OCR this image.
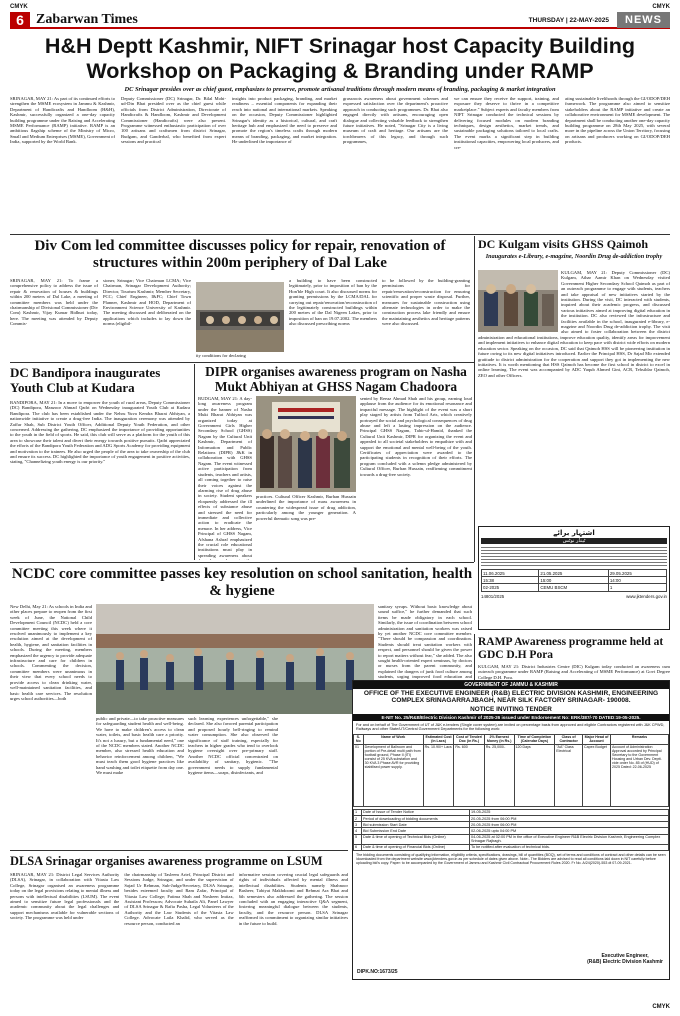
CMYK	CMYK
6 Zabarwan Times	THURSDAY | 22-MAY-2025	NEWS
H&H Deptt Kashmir, NIFT Srinagar host Capacity Building Workshop on Packaging & Branding under RAMP
DC Srinagar presides over as chief guest, emphasizes to preserve, promote artisanal traditions through modern means of branding, packaging & market integration
SRINAGAR, MAY 21: As part of its continued efforts to strengthen the MSME ecosystem in Jammu & Kashmir, Department of Handicrafts and Handloom (H&H), Kashmir, successfully organized a one-day capacity building programme under the Raising and Accelerating MSME Performance (RAMP) initiative. RAMP is an ambitious flagship scheme of the Ministry of Micro, Small and Medium Enterprises (MSME), Government of India, supported by the World Bank.
Deputy Commissioner (DC) Srinagar, Dr. Bilal Mohi-ud-Din Bhat presided over as the chief guest while officials from District Administration, Directorate of Handicrafts & Handloom, Kashmir and Development Commissioner (Handicrafts) were also present. Programme witnessed enthusiastic participation of over 100 artisans and craftsmen from district Srinagar, Budgam, and Ganderbal, who benefited from expert sessions and practical
insights into product packaging, branding, and market readiness – essential components for expanding their reach into national and international markets. Speaking on the occasion, Deputy Commissioner highlighted Srinagar's identity as a historical, cultural, and craft heritage hub and emphasized the need to preserve and promote the region's timeless crafts through modern means of branding, packaging, and market integration. He underlined the importance of
grassroots awareness about government schemes and expressed satisfaction over the department's proactive approach in conducting such programmes. Dr. Bhat also engaged directly with artisans, encouraging open dialogue and collecting valuable feedback to strengthen future initiatives. He noted, "Srinagar City is a living museum of craft and heritage. Our artisans are the torchbearers of this legacy, and through such programmes,
we can ensure they receive the support, training, and exposure they deserve to thrive in a competitive marketplace." Subject experts and faculty members from NIFT Srinagar conducted the technical sessions by delivering focused modules on modern branding techniques, design aesthetics, market trends, and sustainable packaging solutions tailored to local crafts. The event marks a significant step in building institutional capacities, empowering local producers, and cre-
ating sustainable livelihoods through the GI/ODOP/DEH framework. The programme also aimed to sensitize stakeholders about the RAMP initiative and create an collaborative environment for MSME development. The department shall be conducting another one-day capacity building programme on 28th May 2025, with several more in the pipeline across the Union Territory, focusing on artisans and producers working on GI/ODOP/DEH products.
Div Com led committee discusses policy for repair, renovation of structures within 200m periphery of Dal Lake
SRINAGAR, MAY 21: To frame a comprehensive policy to address the issue of repair & renovation of houses & buildings within 200 meters of Dal Lake, a meeting of committee members was held under the chairmanship of Divisional Commissioner (Div Com) Kashmir, Vijay Kumar Bidhuri today, here. The meeting was attended by Deputy Commis-
sioner, Srinagar; Vice Chairman LCMA; Vice Chairman, Srinagar Development Authority; Director, Tourism Kashmir; Member Secretary, PCC; Chief Engineer, I&FC; Chief Town Planner, Kashmir and HOD, Department of Environment Science University of Kashmir. The meeting discussed and deliberated on the applications which includes to lay down the norms (eligibil-
ity conditions for declaring
a building to have been constructed legitimately, prior to imposition of ban by the Hon'ble High court. It also discussed norms for granting permissions by the LCMA/DAL for carrying out repair/renovation/reconstruction of the legitimately constructed buildings within 200 metres of the Dal Nigeen Lakes, prior to imposition of ban on 19.07.2002. The members also discussed prescribing norms
to be followed by the building-granting permissions for repair/renovation/reconstruction for ensuring scientific and proper waste disposal. Further, measures for sustainable construction using alternate technologies in order to make the construction process lake friendly and ensure the maintaining aesthetics and heritage patterns were also discussed.
DC Kulgam visits GHSS Qaimoh
Inaugurates e-Library, e-magzine, Noordin Drug de-addiction trophy
KULGAM, MAY 21: Deputy Commissioner (DC) Kulgam, Athar Aamir Khan on Wednesday visited Government Higher Secondary School Qaimoh as part of an outreach programme to engage with students, teachers and take appraisal of new initiatives started by the institution. During the visit, DC interacted with students, inquired about their academic progress, and discussed various initiatives aimed at improving digital education in the institution. DC also reviewed the infrastructure and facilities available in the school, inaugurated e-library, e-magzine and Noordin Drug de-addiction trophy. The visit also aimed to foster collaboration between the district administration and educational institutions, improve education quality, identify areas for improvement and implement initiatives to enhance digital education to keep pace with district wide efforts on modern education sector. Speaking on the occasion, DC said that Qaimoh HSS will be pioneering institution in future owing to its new digital initiatives introduced. Earlier the Principal HSS, Dr Sajad Mir extended gratitude to district administration for the cooperation and support they got in implementing the new initiatives. It is worth mentioning that HSS Qaimoh has become the first school in district to excel in online learning. The event was accompanied by ADC Yaqub Ahmed Gini, ACR, Tehsildar Qaimoh, ZEO and other Officers.
اشتہار برائے
ٹینڈر نوٹس
11.06.2025	21.05.2025	29.05.2025
15:38	15:00	14:00
02-2025	CEMU BSCM	1
14801/2025	www.jktenders.gov.in
DC Bandipora inaugurates Youth Club at Kudara
BANDIPORA, MAY 21: In a move to empower the youth of rural areas, Deputy Commissioner (DC) Bandipora, Manzoor Ahmad Qadri on Wednesday inaugurated Youth Club at Kudara Bandipora. The club has been established under the Nehru Yuva Kendra Bharat Abhiyan, a nationwide initiative to create a drug-free India. The inauguration ceremony was attended by Zaffar Shah, Sub District Youth Officer, Additional Deputy Youth Federation, and other concerned. Addressing the gathering, DC emphasized the importance of providing opportunities to the youth in the field of sports. He said, this club will serve as a platform for the youth of this area to showcase their talent and divert their energy towards positive pursuits. Qadri appreciated the efforts of the Bandipora Youth Federation and ADG Sports Academy for providing equipment and motivation to the trainees. He also urged the people of the area to take ownership of the club and ensure its success. DC highlighted the importance of youth engagement in positive activities, stating, "Channelizing youth energy is our priority."
DIPR organises awareness program on Nasha Mukt Abhiyan at GHSS Nagam Chadoora
BUDGAM, MAY 21: A day-long awareness program under the banner of Nasha Mukt Bharat Abhiyan was organized today at Government Girls Higher Secondary School (GHSS) Nagam by the Cultural Unit Kashmir, Department of Information and Public Relations (DIPR) J&K in collaboration with GHSS Nagam. The event witnessed active participation from students, teachers and artists, all coming together to raise their voices against the alarming rise of drug abuse in society. Student speakers eloquently addressed the ill effects of substance abuse and stressed the need for immediate and collective action to eradicate the menace. In her address, Vice Principal of GHSS Nagam, Afshana Ashraf emphasized the crucial role educational institutions must play in spreading awareness about
practices. Cultural Officer Kashmir, Burhan Hussain underlined the importance of mass awareness in countering the widespread issue of drug addiction, particularly among the younger generation. A powerful thematic song was pre-
sented by Reeaz Ahmad Shah and his group, earning loud applause from the audience for its emotional resonance and impactful message. The highlight of the event was a short play staged by artists from Tulfool Arts, which creatively portrayed the social and psychological consequences of drug abuse and left a lasting impression on the audience. Principal GHSS Nagam, Tahir-ul-Hamid, thanked the Cultural Unit Kashmir, DIPR for organizing the event and appealed to all societal stakeholders to empathize with and support the emotional and mental well-being of the youth. Certificates of appreciation were awarded to the participating students in recognition of their efforts. The program concluded with a solemn pledge administered by Cultural Officer, Burhan Hussain, reaffirming commitment towards a drug-free society.
NCDC core committee passes key resolution on school sanitation, health & hygiene
New Delhi, May 21: As schools in India and other places prepare to reopen from the first week of June, the National Child Development Council (NCDC) held a core committee meeting this week where it resolved unanimously to implement a key resolution aimed at the development of health, hygiene, and sanitation facilities in schools. During the meeting, members emphasized the urgency to provide adequate infrastructure and care for children in schools. Commenting the decision, committee members were unanimous in their view that every school needs to provide access to clean drinking water, well-maintained sanitation facilities, and basic health care services. The resolution urges school authorities—both
public and private—to take proactive measures for safeguarding student health and well-being. We have to make children's access to clean water, toilets, and basic health care a priority. It's not a luxury, but a fundamental need," one of the NCDC members stated. Another NCDC member, also stressed health education and behavior reinforcement among children, "We must teach them good hygiene practices like hand washing and toilet etiquette from day one. We must make
such learning experiences unforgettable," she declared. She also favored parental participation and proposed hourly bell-ringing to remind water consumption. She also observed the significance of staff training, especially for teachers in higher grades who tend to overlook hygiene oversight over pre-primary staff. Another NCDC official concentrated on availability of sanitary, hygienic. "The government needs to supply fundamental hygiene items—soaps, disinfectants, and
sanitary syrups. Without basic knowledge about sound suffice," he further demanded that such items be made obligatory in each school. Similarly, the issue of coordination between school administration and sanitation workers was raised by yet another NCDC core committee member. "There should be compassion and coordination. Students should treat sanitation workers with respect, and personnel should be given the power to report matters without fear," she added. The also sought health-oriented expert seminars, by doctors or nurses from the parent community, and explained the dangers of junk food culture among students, urging improved food education and
RAMP Awareness programme held at GDC D.H Pora
KULGAM, MAY 21: District Industries Centre (DIC) Kulgam today conducted an awareness cum outreach programme under RAMP (Raising and Accelerating of MSME Performance) at Govt Degree College D.H. Pora.
GOVERNMENT OF JAMMU & KASHMIR
OFFICE OF THE EXECUTIVE ENGINEER (R&B) ELECTRIC DIVISION KASHMIR, ENGINEERING COMPLEX SRINAGARRAJBAGH, NEAR SILK FACTORY SRINAGAR- 190008.
NOTICE INVITING TENDER
E-NIT No. 25/R&B/Electric Division Kashmir of 2025-26 issued under Endorsement No: ERK/387/-70 DATED:19-05-2025.
For and on behalf of The Government of UT of J&K e-tenders (Single cover system) are invited on percentage basis from approved and eligible Contractors registered with J&K CPWD, Railways and other State/UT/Central Government Departments for the following work:
S. No	Name of Work	Estimated Cost (in Lacs)	Cost of Tender/ Doc (in Rs.)	2% Earnest Money (in Rs.)	Time of Completion (Calendar Days)	Class of Contractor	Major Head of Account	Remarks
01	Development of Ballroom and portion of Pre-detail multi path from football ground, Phase II (ITI) consist of 25 KVA substation and 30 KVA 3 Phase AVR for providing stabilised power supply.	Rs. 10.90/+ Lacs	Rs. 600	Rs. 25,000/-	120 Days	"AA" Class Electrical	Capex Budget	Account of Administration Approval accorded by Principal Secretary to the Government Housing and Urban Dev. Deptt. vide order No. 85 of (HUD) of 2025 Dated: 22-06-2025
1	Date of Issue of Tender Notice	19-05-2025
2	Period of downloading of bidding documents	20-05-2025 from 06:00 PM
3	Bid submission Start Date	20-05-2025 from 06:00 PM
4	Bid Submission End Date	02-06-2025 upto 04:00 PM
5	Date & time of opening of Technical Bids (Online)	04-06-2025 at 02:00 PM in the office of Executive Engineer R&B Electric Division Kashmir, Engineering Complex Srinagar Rajbagh.
6	Date & time of opening of Financial Bids (Online)	To be notified after evaluation of technical bids.
The bidding documents consisting of qualifying information, eligibility criteria, specifications, drawings, bill of quantities (BOQ), set of terms and conditions of contract and other details can be seen /downloaded from the department website www.jktenders.gov.in as per schedule of dates given above. Note:- The Bidders are advised to read all conditions laid down in NIT carefully before uploading bid's copy. Paper: to be accompanied by the Government of Jammu and Kashmir Civil Contractual Procurement Rules 2020. Fr No. A/24(2020)-553 dt 07-09-2021.
Executive Engineer,
(R&B) Electric Division Kashmir
DIPK.NO:1673/25
DLSA Srinagar organises awareness programme on LSUM
SRINAGAR, MAY 21: District Legal Services Authority (DLSA), Srinagar, in collaboration with Vitasta Law College, Srinagar organised an awareness programme today on the legal provisions relating to mental illness and persons with intellectual disabilities (LSUM). The event aimed to sensitize future legal professionals and the academic community about the legal challenges and support mechanisms available for vulnerable sections of society. The programme was held under
the chairmanship of Tasleem Arief, Principal District and Sessions Judge, Srinagar, and under the supervision of Sajad Ur Rehman, Sub-Judge/Secretary, DLSA Srinagar, besides esteemed faculty and Ram Zafar, Principal of Vitasta Law College; Fatima Shah and Nosheen Imtiaz, Assistant Professors; Advocate Suhaila Ali, Panel Lawyer of DLSA Srinagar & Rafia Pasha, Legal Volunteers of the Authority and the Law Students of the Vitasta Law College. Advocate Laila Khalid, who served as the resource person, conducted an
informative session covering crucial legal safeguards and rights of individuals affected by mental illness and intellectual disabilities. Students namely Shahnoor Basheer, Tabiyat Makhdoomi and Rehmat Ara Bhat and 6th semesters also addressed the gathering. The session concluded with an engaging interactive Q&A segment, fostering meaningful dialogue between the students, faculty, and the resource person. DLSA Srinagar reaffirmed its commitment to organizing similar initiatives in the future to build.
CMYK
